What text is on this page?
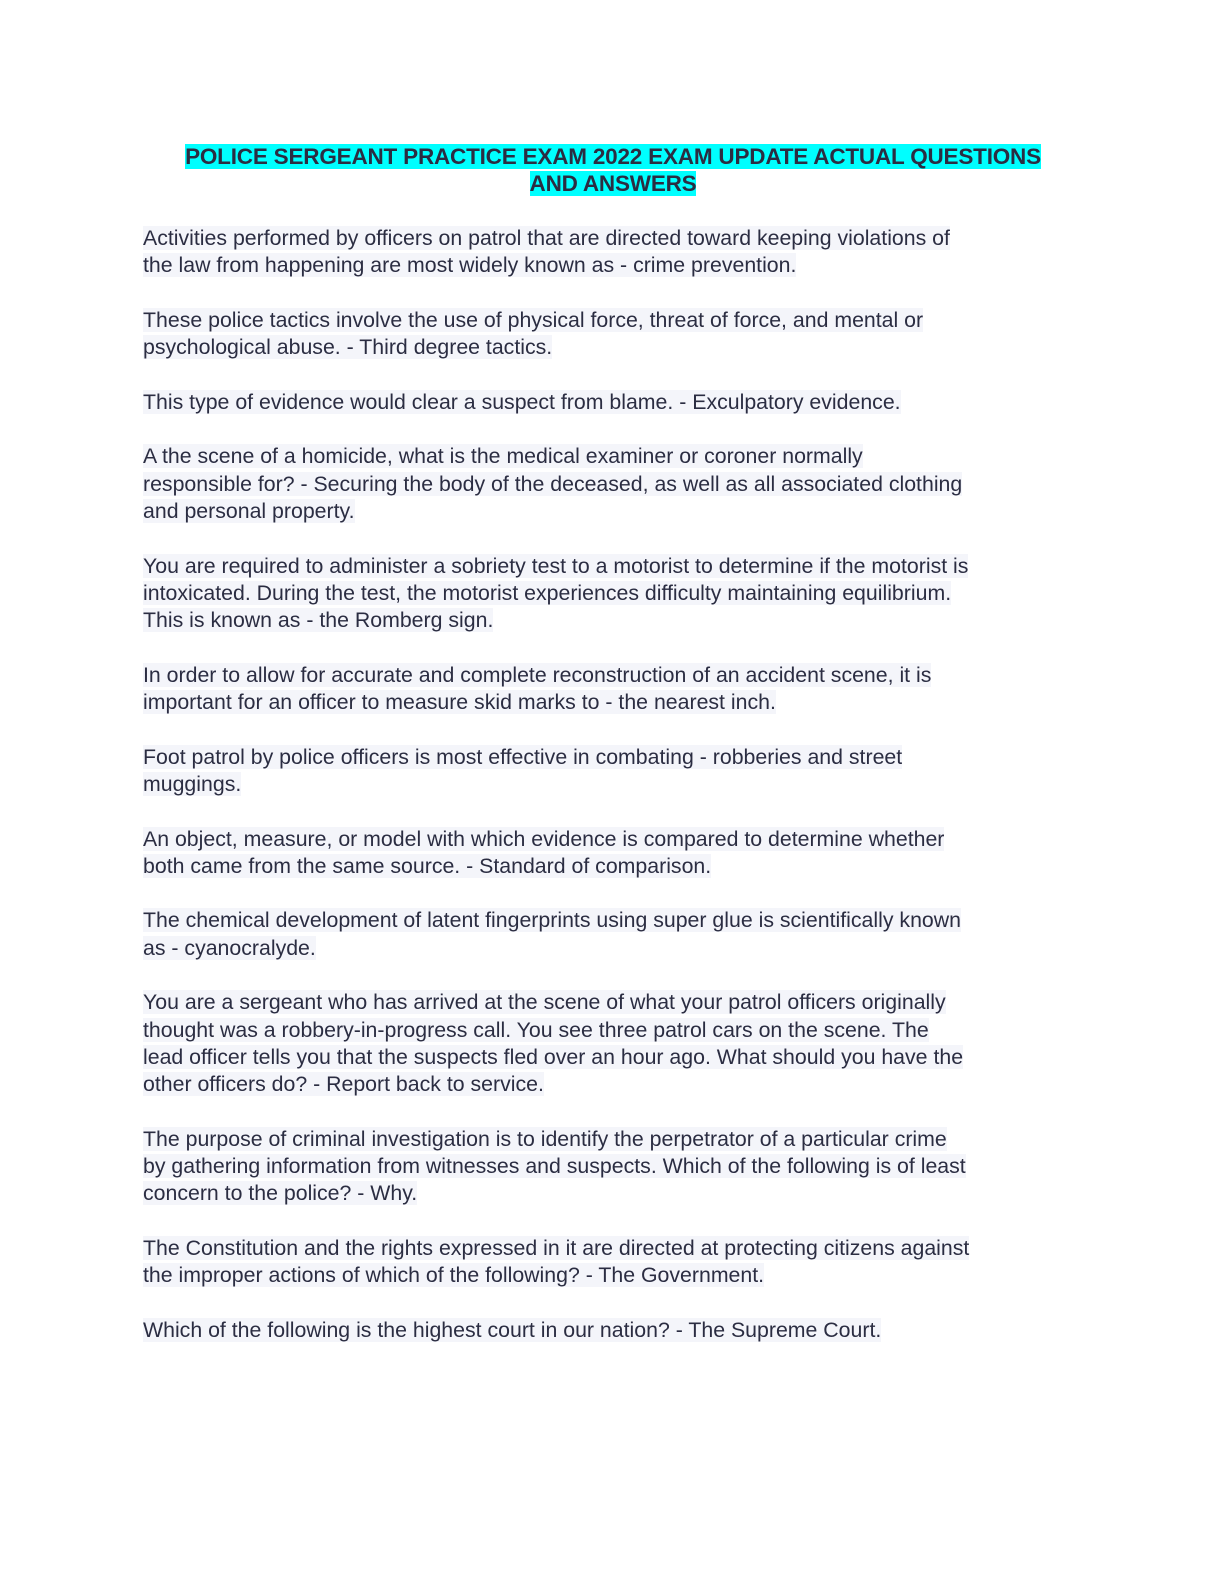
POLICE SERGEANT PRACTICE EXAM 2022 EXAM UPDATE ACTUAL QUESTIONS
AND ANSWERS
Activities performed by officers on patrol that are directed toward keeping violations of
the law from happening are most widely known as - crime prevention.
These police tactics involve the use of physical force, threat of force, and mental or
psychological abuse. - Third degree tactics.
This type of evidence would clear a suspect from blame. - Exculpatory evidence.
A the scene of a homicide, what is the medical examiner or coroner normally
responsible for? - Securing the body of the deceased, as well as all associated clothing
and personal property.
You are required to administer a sobriety test to a motorist to determine if the motorist is
intoxicated. During the test, the motorist experiences difficulty maintaining equilibrium.
This is known as - the Romberg sign.
In order to allow for accurate and complete reconstruction of an accident scene, it is
important for an officer to measure skid marks to - the nearest inch.
Foot patrol by police officers is most effective in combating - robberies and street
muggings.
An object, measure, or model with which evidence is compared to determine whether
both came from the same source. - Standard of comparison.
The chemical development of latent fingerprints using super glue is scientifically known
as - cyanocralyde.
You are a sergeant who has arrived at the scene of what your patrol officers originally
thought was a robbery-in-progress call. You see three patrol cars on the scene. The
lead officer tells you that the suspects fled over an hour ago. What should you have the
other officers do? - Report back to service.
The purpose of criminal investigation is to identify the perpetrator of a particular crime
by gathering information from witnesses and suspects. Which of the following is of least
concern to the police? - Why.
The Constitution and the rights expressed in it are directed at protecting citizens against
the improper actions of which of the following? - The Government.
Which of the following is the highest court in our nation? - The Supreme Court.
